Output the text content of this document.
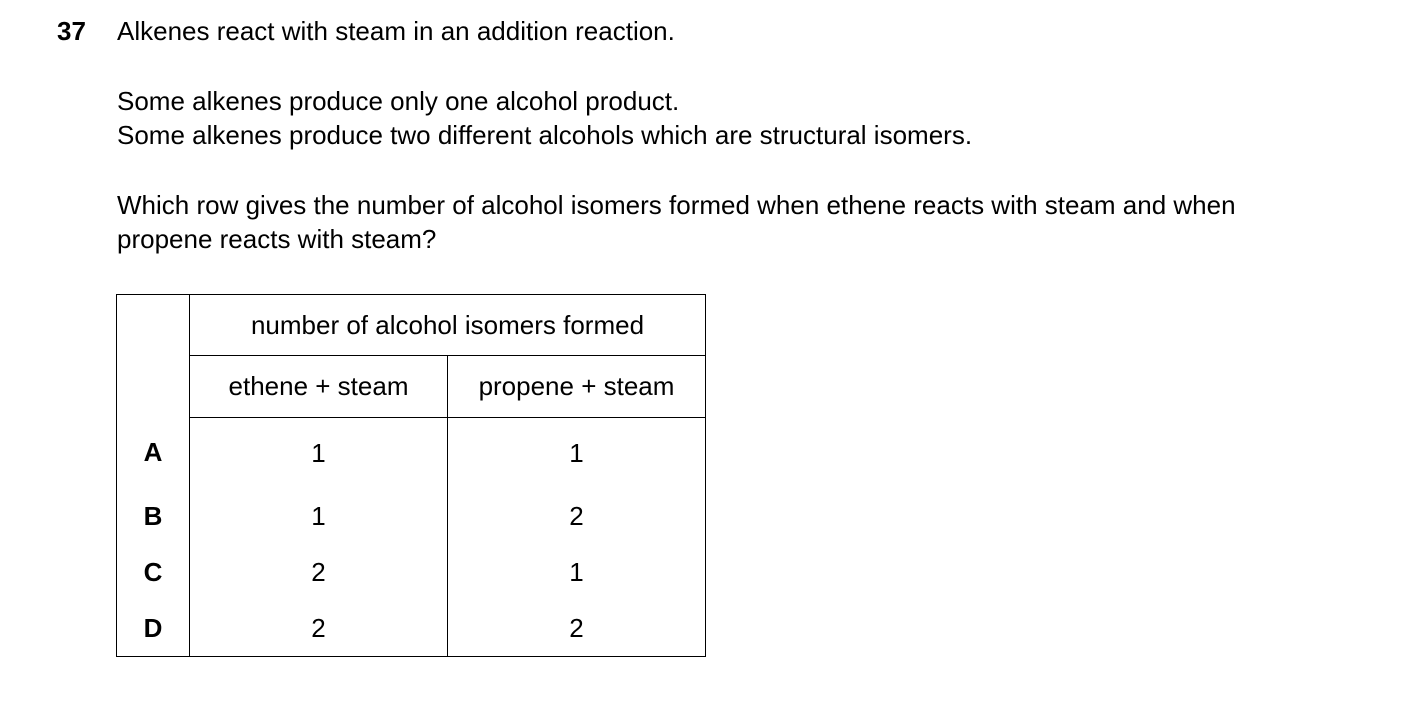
37 Alkenes react with steam in an addition reaction.
Some alkenes produce only one alcohol product.
Some alkenes produce two different alcohols which are structural isomers.
Which row gives the number of alcohol isomers formed when ethene reacts with steam and when
propene reacts with steam?
	number of alcohol isomers formed	
	ethene + steam	propene + steam
A	1	1
B	1	2
C	2	1
D	2	2
